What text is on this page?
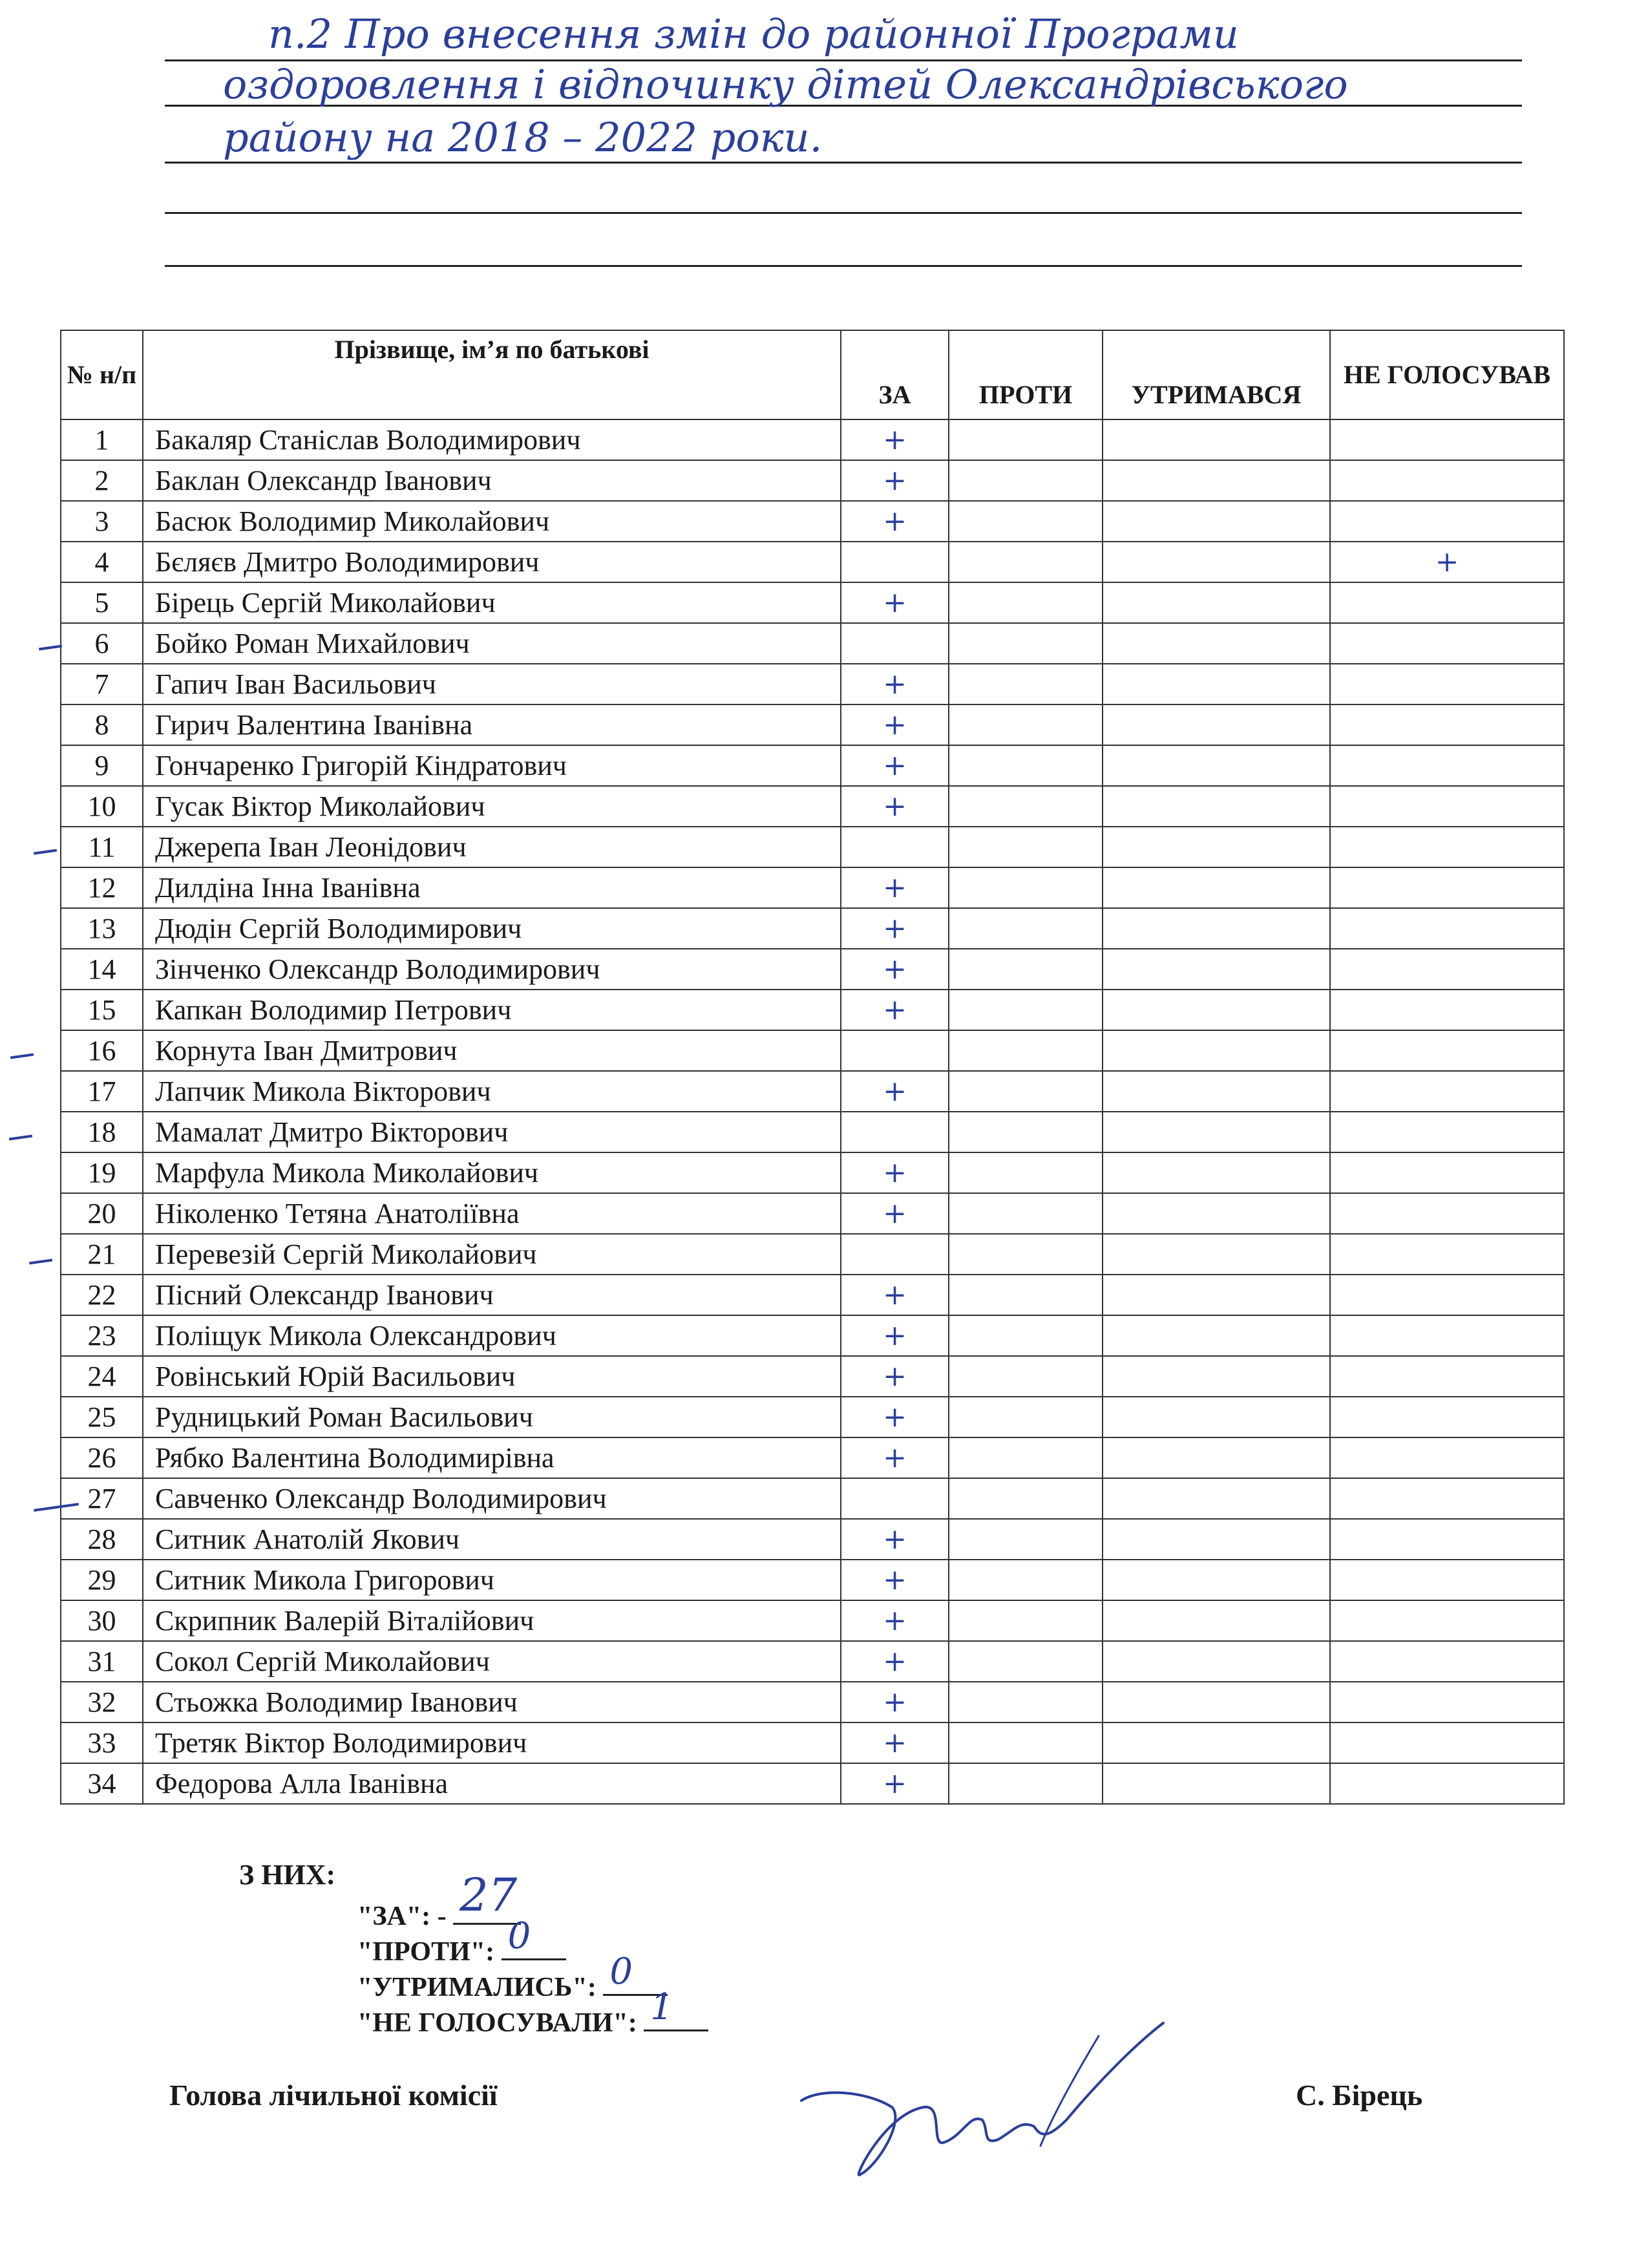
п.2 Про внесення змін до районної Програми
оздоровлення і відпочинку дітей Олександрівського
району на 2018 – 2022 роки.
№ н/п	Прізвище, ім’я по батькові	ЗА	ПРОТИ	УТРИМАВСЯ	НЕ ГОЛОСУВАВ
1	Бакаляр Станіслав Володимирович	+			
2	Баклан Олександр Іванович	+			
3	Басюк Володимир Миколайович	+			
4	Бєляєв Дмитро Володимирович				+
5	Бірець Сергій Миколайович	+			
6	Бойко Роман Михайлович				
7	Гапич Іван Васильович	+			
8	Гирич Валентина Іванівна	+			
9	Гончаренко Григорій Кіндратович	+			
10	Гусак Віктор Миколайович	+			
11	Джерепа Іван Леонідович				
12	Дилдіна Інна Іванівна	+			
13	Дюдін Сергій Володимирович	+			
14	Зінченко Олександр Володимирович	+			
15	Капкан Володимир Петрович	+			
16	Корнута Іван Дмитрович				
17	Лапчик Микола Вікторович	+			
18	Мамалат Дмитро Вікторович				
19	Марфула Микола Миколайович	+			
20	Ніколенко Тетяна Анатоліївна	+			
21	Перевезій Сергій Миколайович				
22	Пісний Олександр Іванович	+			
23	Поліщук Микола Олександрович	+			
24	Ровінський Юрій Васильович	+			
25	Рудницький Роман Васильович	+			
26	Рябко Валентина Володимирівна	+			
27	Савченко Олександр Володимирович				
28	Ситник Анатолій Якович	+			
29	Ситник Микола Григорович	+			
30	Скрипник Валерій Віталійович	+			
31	Сокол Сергій Миколайович	+			
32	Стьожка Володимир Іванович	+			
33	Третяк Віктор Володимирович	+			
34	Федорова Алла Іванівна	+			
З НИХ:
"ЗА": - 27
"ПРОТИ": 0
"УТРИМАЛИСЬ": 0
"НЕ ГОЛОСУВАЛИ": 1
Голова лічильної комісії	С. Бірець
